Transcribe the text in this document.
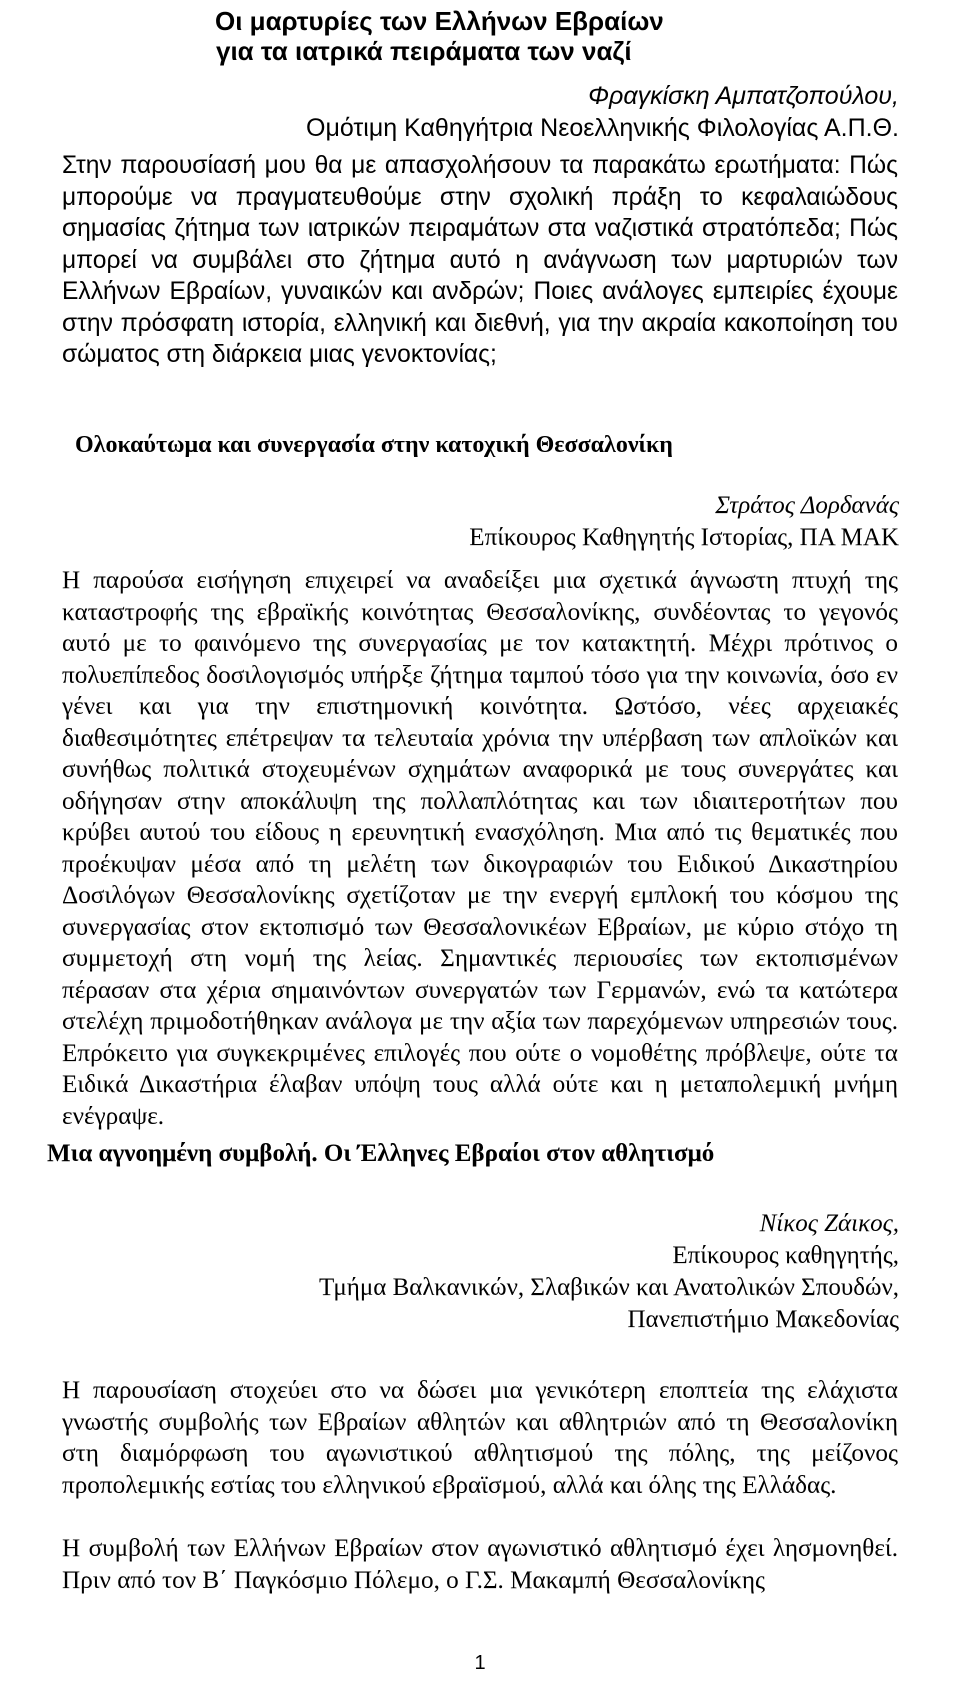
Οι μαρτυρίες των Ελλήνων Εβραίων
για τα ιατρικά πειράματα των ναζί
Φραγκίσκη Αμπατζοπούλου,
Ομότιμη Καθηγήτρια Νεοελληνικής Φιλολογίας Α.Π.Θ.

Στην παρουσίασή μου θα με απασχολήσουν τα παρακάτω ερωτήματα: Πώς μπορούμε να πραγματευθούμε στην σχολική πράξη το κεφαλαιώδους σημασίας ζήτημα των ιατρικών πειραμάτων στα ναζιστικά στρατόπεδα; Πώς μπορεί να συμβάλει στο ζήτημα αυτό η ανάγνωση των μαρτυριών των Ελλήνων Εβραίων, γυναικών και ανδρών; Ποιες ανάλογες εμπειρίες έχουμε στην πρόσφατη ιστορία, ελληνική και διεθνή, για την ακραία κακοποίηση του σώματος στη διάρκεια μιας γενοκτονίας;

Ολοκαύτωμα και συνεργασία στην κατοχική Θεσσαλονίκη
Στράτος Δορδανάς
Επίκουρος Καθηγητής Ιστορίας, ΠΑ ΜΑΚ

Η παρούσα εισήγηση επιχειρεί να αναδείξει μια σχετικά άγνωστη πτυχή της καταστροφής της εβραϊκής κοινότητας Θεσσαλονίκης, συνδέοντας το γεγονός αυτό με το φαινόμενο της συνεργασίας με τον κατακτητή. Μέχρι πρότινος ο πολυεπίπεδος δοσιλογισμός υπήρξε ζήτημα ταμπού τόσο για την κοινωνία, όσο εν γένει και για την επιστημονική κοινότητα. Ωστόσο, νέες αρχειακές διαθεσιμότητες επέτρεψαν τα τελευταία χρόνια την υπέρβαση των απλοϊκών και συνήθως πολιτικά στοχευμένων σχημάτων αναφορικά με τους συνεργάτες και οδήγησαν στην αποκάλυψη της πολλαπλότητας και των ιδιαιτεροτήτων που κρύβει αυτού του είδους η ερευνητική ενασχόληση. Μια από τις θεματικές που προέκυψαν μέσα από τη μελέτη των δικογραφιών του Ειδικού Δικαστηρίου Δοσιλόγων Θεσσαλονίκης σχετίζοταν με την ενεργή εμπλοκή του κόσμου της συνεργασίας στον εκτοπισμό των Θεσσαλονικέων Εβραίων, με κύριο στόχο τη συμμετοχή στη νομή της λείας. Σημαντικές περιουσίες των εκτοπισμένων πέρασαν στα χέρια σημαινόντων συνεργατών των Γερμανών, ενώ τα κατώτερα στελέχη πριμοδοτήθηκαν ανάλογα με την αξία των παρεχόμενων υπηρεσιών τους. Επρόκειτο για συγκεκριμένες επιλογές που ούτε ο νομοθέτης πρόβλεψε, ούτε τα Ειδικά Δικαστήρια έλαβαν υπόψη τους αλλά ούτε και η μεταπολεμική μνήμη ενέγραψε.

Μια αγνοημένη συμβολή. Οι Έλληνες Εβραίοι στον αθλητισμό
Νίκος Ζάικος,
Επίκουρος καθηγητής,
Τμήμα Βαλκανικών, Σλαβικών και Ανατολικών Σπουδών,
Πανεπιστήμιο Μακεδονίας

Η παρουσίαση στοχεύει στο να δώσει μια γενικότερη εποπτεία της ελάχιστα γνωστής συμβολής των Εβραίων αθλητών και αθλητριών από τη Θεσσαλονίκη στη διαμόρφωση του αγωνιστικού αθλητισμού της πόλης, της μείζονος προπολεμικής εστίας του ελληνικού εβραϊσμού, αλλά και όλης της Ελλάδας.

Η συμβολή των Ελλήνων Εβραίων στον αγωνιστικό αθλητισμό έχει λησμονηθεί. Πριν από τον Β΄ Παγκόσμιο Πόλεμο, ο Γ.Σ. Μακαμπή Θεσσαλονίκης

1
